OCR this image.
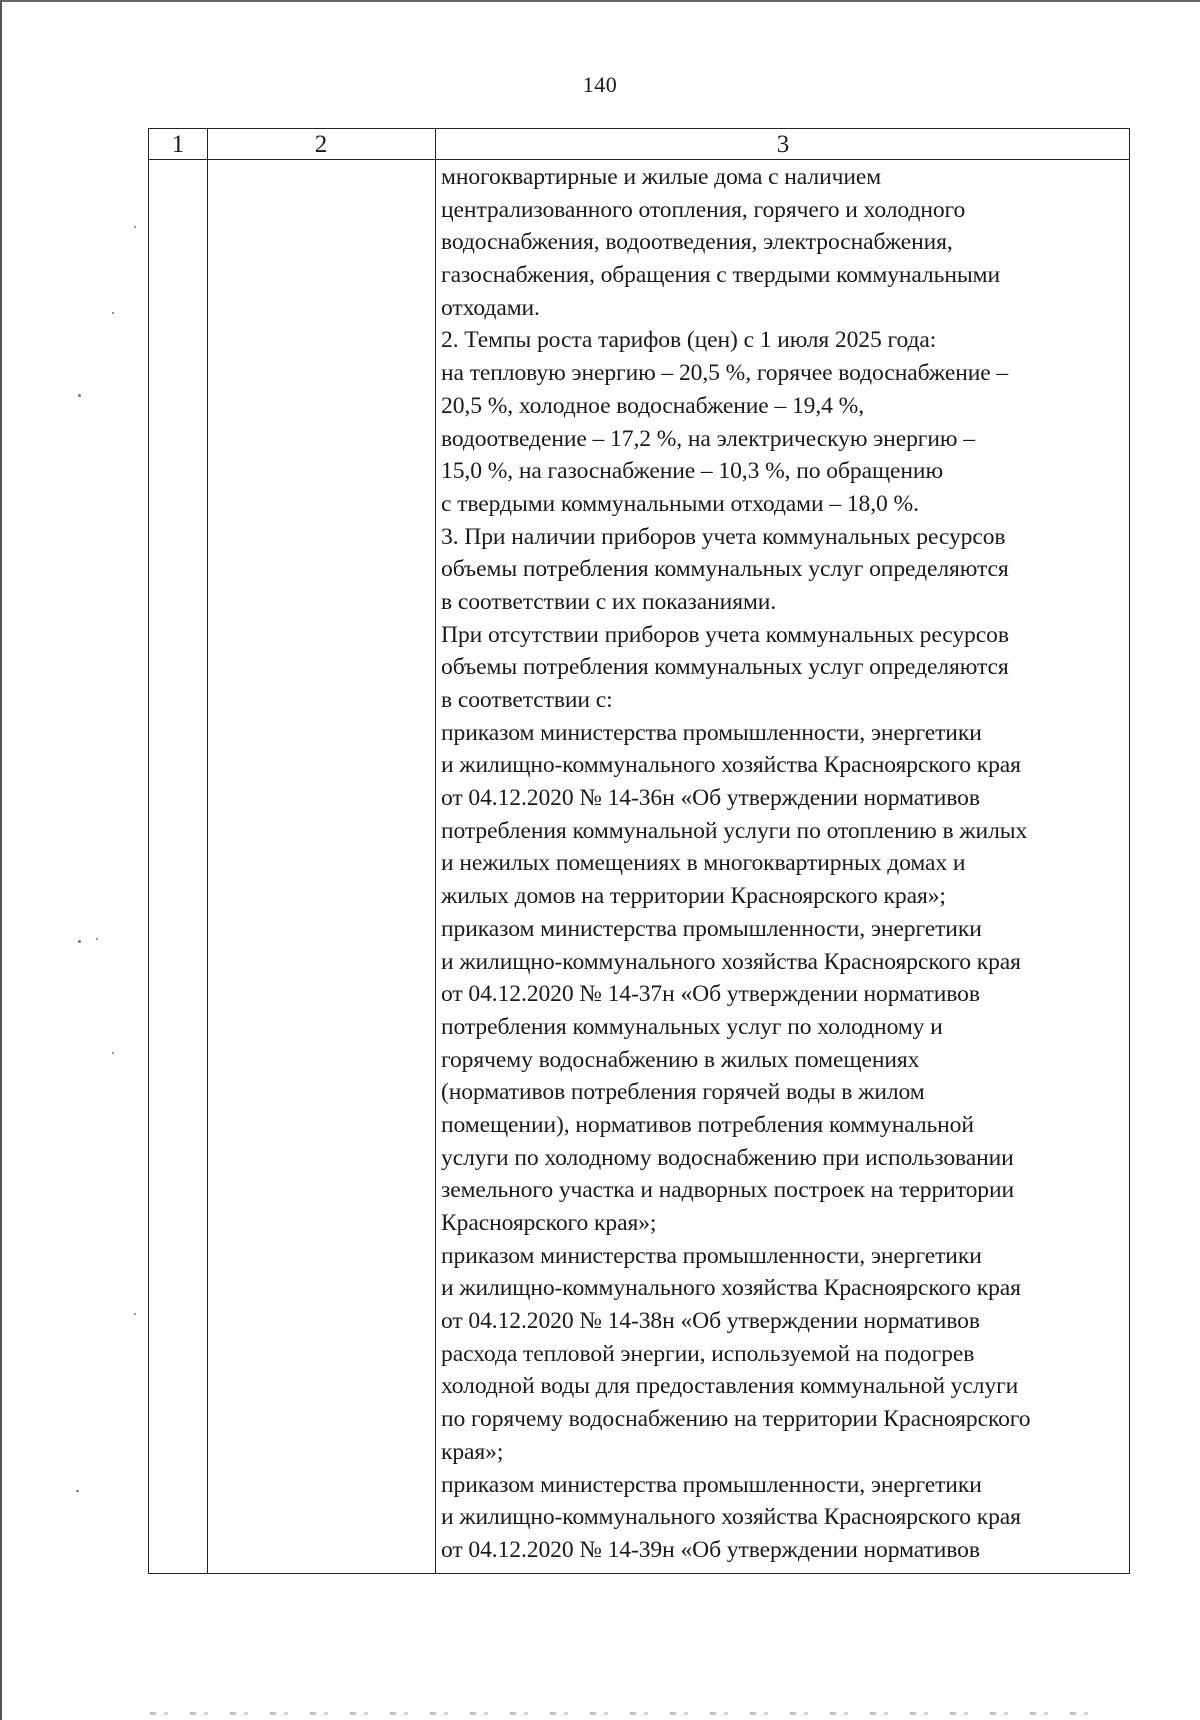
140
1	2	3
многоквартирные и жилые дома с наличием
централизованного отопления, горячего и холодного
водоснабжения, водоотведения, электроснабжения,
газоснабжения, обращения с твердыми коммунальными
отходами.
2. Темпы роста тарифов (цен) с 1 июля 2025 года:
на тепловую энергию – 20,5 %, горячее водоснабжение –
20,5 %, холодное водоснабжение – 19,4 %,
водоотведение – 17,2 %, на электрическую энергию –
15,0 %, на газоснабжение – 10,3 %, по обращению
с твердыми коммунальными отходами – 18,0 %.
3. При наличии приборов учета коммунальных ресурсов
объемы потребления коммунальных услуг определяются
в соответствии с их показаниями.
При отсутствии приборов учета коммунальных ресурсов
объемы потребления коммунальных услуг определяются
в соответствии с:
приказом министерства промышленности, энергетики
и жилищно-коммунального хозяйства Красноярского края
от 04.12.2020 № 14-36н «Об утверждении нормативов
потребления коммунальной услуги по отоплению в жилых
и нежилых помещениях в многоквартирных домах и
жилых домов на территории Красноярского края»;
приказом министерства промышленности, энергетики
и жилищно-коммунального хозяйства Красноярского края
от 04.12.2020 № 14-37н «Об утверждении нормативов
потребления коммунальных услуг по холодному и
горячему водоснабжению в жилых помещениях
(нормативов потребления горячей воды в жилом
помещении), нормативов потребления коммунальной
услуги по холодному водоснабжению при использовании
земельного участка и надворных построек на территории
Красноярского края»;
приказом министерства промышленности, энергетики
и жилищно-коммунального хозяйства Красноярского края
от 04.12.2020 № 14-38н «Об утверждении нормативов
расхода тепловой энергии, используемой на подогрев
холодной воды для предоставления коммунальной услуги
по горячему водоснабжению на территории Красноярского
края»;
приказом министерства промышленности, энергетики
и жилищно-коммунального хозяйства Красноярского края
от 04.12.2020 № 14-39н «Об утверждении нормативов
